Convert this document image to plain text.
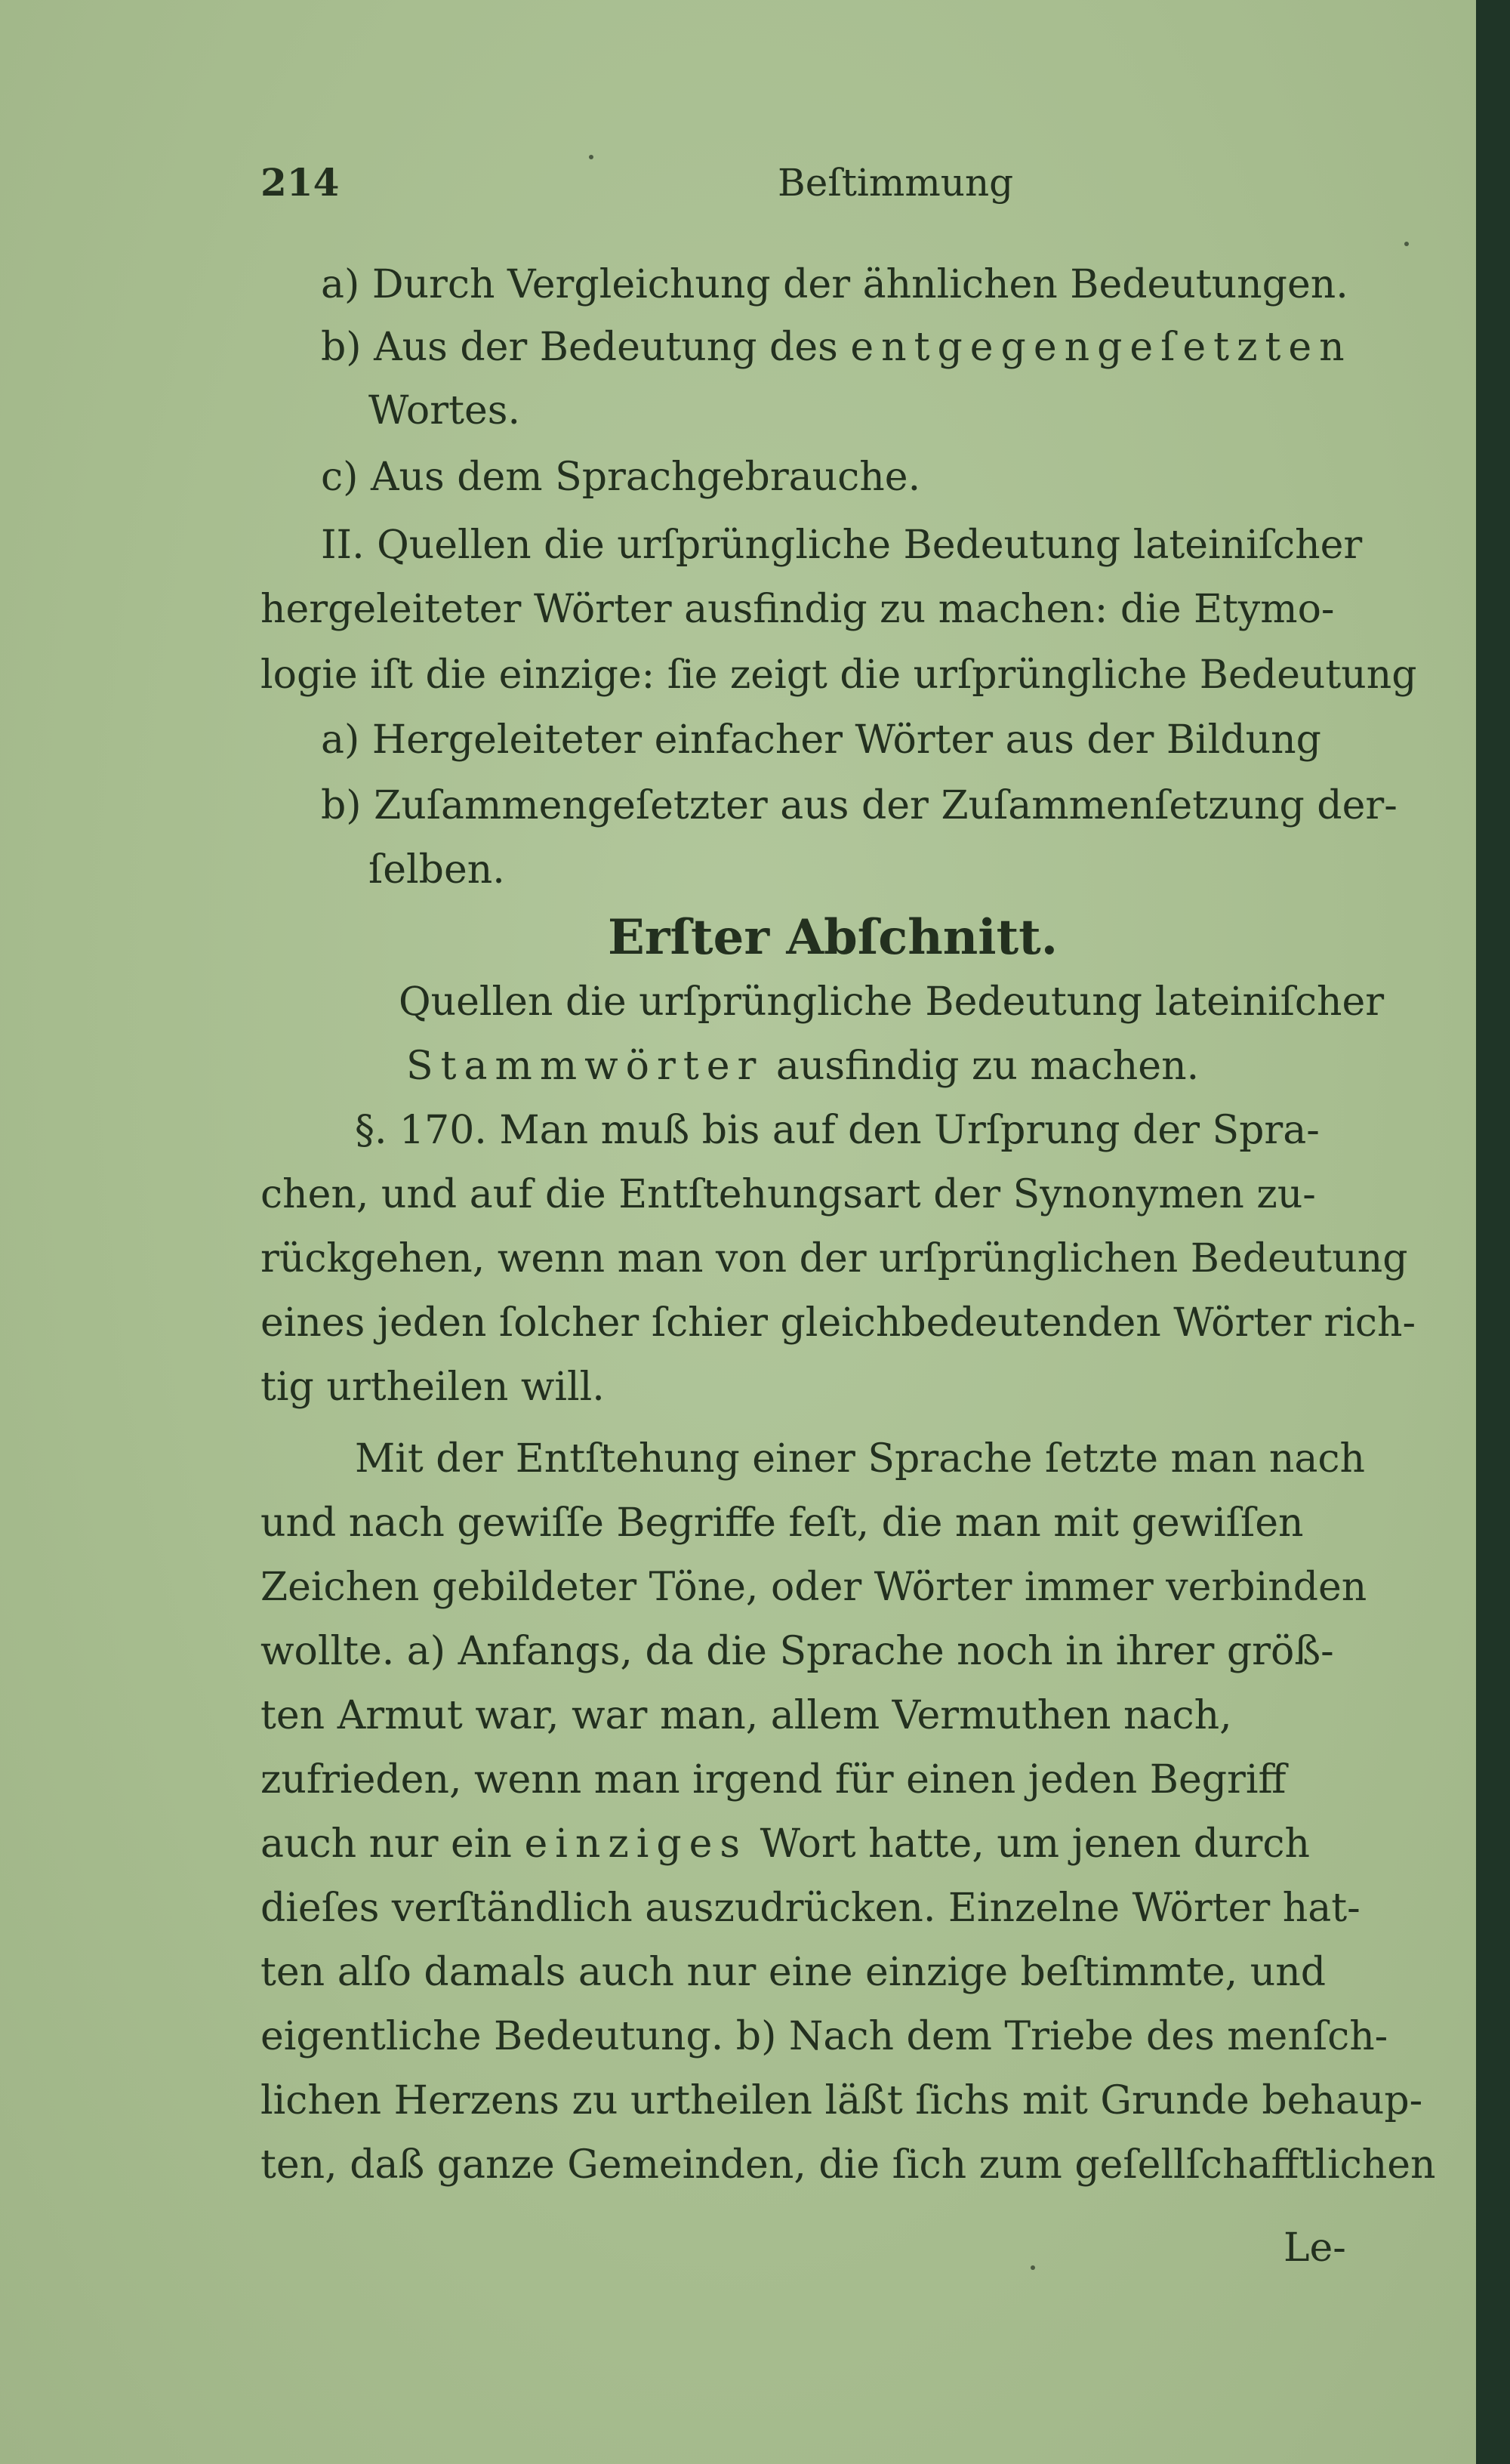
214	Beſtimmung
a) Durch Vergleichung der ähnlichen Bedeutungen.
b) Aus der Bedeutung des entgegengeſetzten
Wortes.
c) Aus dem Sprachgebrauche.
II. Quellen die urſprüngliche Bedeutung lateiniſcher
hergeleiteter Wörter ausfindig zu machen: die Etymo-
logie iſt die einzige: ſie zeigt die urſprüngliche Bedeutung
a) Hergeleiteter einfacher Wörter aus der Bildung
b) Zuſammengeſetzter aus der Zuſammenſetzung der-
ſelben.
Erſter Abſchnitt.
Quellen die urſprüngliche Bedeutung lateiniſcher
Stammwörter ausfindig zu machen.
§. 170. Man muß bis auf den Urſprung der Spra-
chen, und auf die Entſtehungsart der Synonymen zu-
rückgehen, wenn man von der urſprünglichen Bedeutung
eines jeden ſolcher ſchier gleichbedeutenden Wörter rich-
tig urtheilen will.
Mit der Entſtehung einer Sprache ſetzte man nach
und nach gewiſſe Begriffe feſt, die man mit gewiſſen
Zeichen gebildeter Töne, oder Wörter immer verbinden
wollte. a) Anfangs, da die Sprache noch in ihrer größ-
ten Armut war, war man, allem Vermuthen nach,
zufrieden, wenn man irgend für einen jeden Begriff
auch nur ein einziges Wort hatte, um jenen durch
dieſes verſtändlich auszudrücken. Einzelne Wörter hat-
ten alſo damals auch nur eine einzige beſtimmte, und
eigentliche Bedeutung. b) Nach dem Triebe des menſch-
lichen Herzens zu urtheilen läßt ſichs mit Grunde behaup-
ten, daß ganze Gemeinden, die ſich zum geſellſchafftlichen
Le-
